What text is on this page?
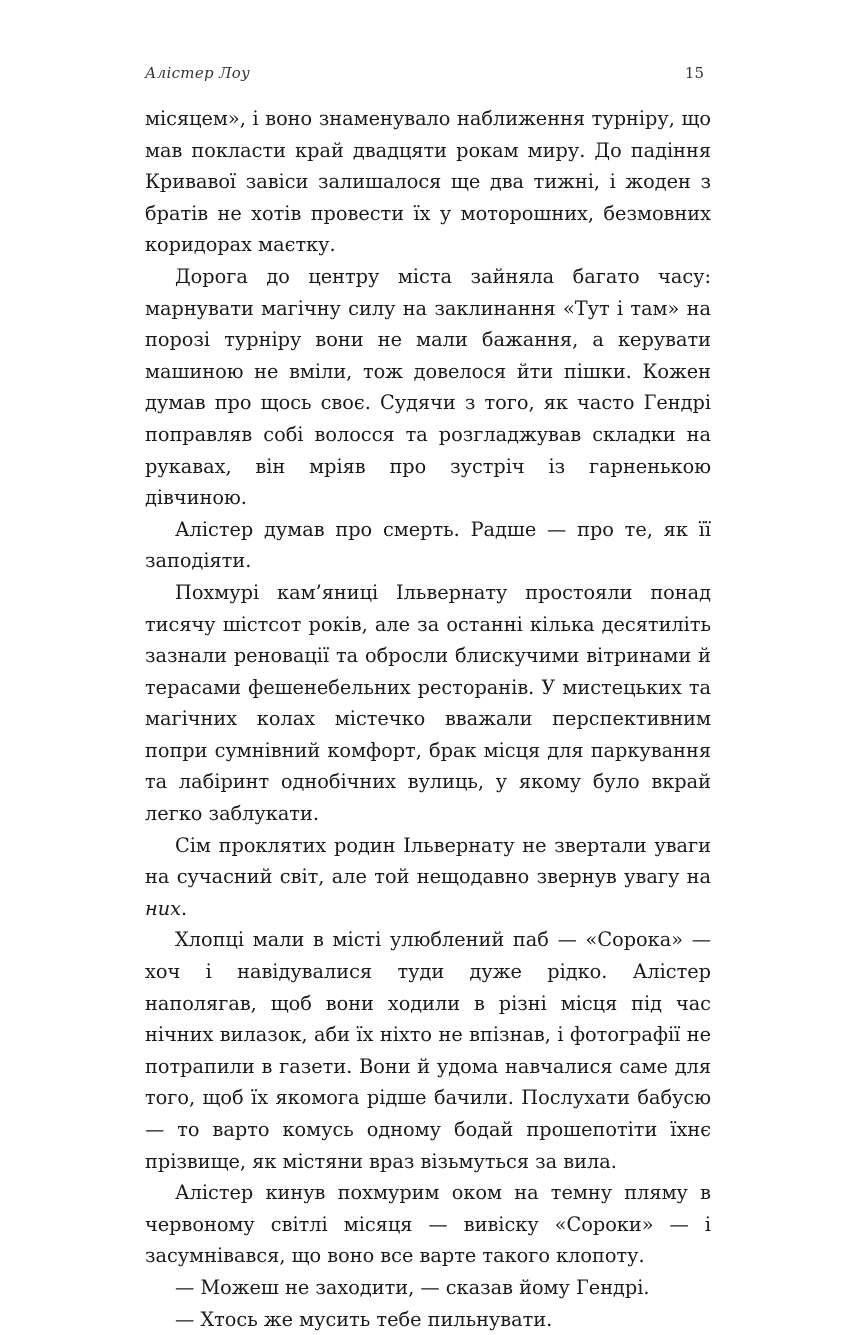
Алістер Лоу	15

місяцем», і воно знаменувало наближення турніру, що мав покласти край двадцяти рокам миру. До падіння Кривавої завіси залишалося ще два тижні, і жоден з братів не хотів провести їх у моторошних, безмовних коридорах маєтку.

Дорога до центру міста зайняла багато часу: марнувати магічну силу на заклинання «Тут і там» на порозі турніру вони не мали бажання, а керувати машиною не вміли, тож довелося йти пішки. Кожен думав про щось своє. Судячи з того, як часто Гендрі поправляв собі волосся та розгладжував складки на рукавах, він мріяв про зустріч із гарненькою дівчиною.

Алістер думав про смерть. Радше — про те, як її заподіяти.

Похмурі кам’яниці Ільвернату простояли понад тисячу шістсот років, але за останні кілька десятиліть зазнали реновації та обросли блискучими вітринами й терасами фешенебельних ресторанів. У мистецьких та магічних колах містечко вважали перспективним попри сумнівний комфорт, брак місця для паркування та лабіринт однобічних вулиць, у якому було вкрай легко заблукати.

Сім проклятих родин Ільвернату не звертали уваги на сучасний світ, але той нещодавно звернув увагу на них.

Хлопці мали в місті улюблений паб — «Сорока» — хоч і навідувалися туди дуже рідко. Алістер наполягав, щоб вони ходили в різні місця під час нічних вилазок, аби їх ніхто не впізнав, і фотографії не потрапили в газети. Вони й удома навчалися саме для того, щоб їх якомога рідше бачили. Послухати бабусю — то варто комусь одному бодай прошепотіти їхнє прізвище, як містяни враз візьмуться за вила.

Алістер кинув похмурим оком на темну пляму в червоному світлі місяця — вивіску «Сороки» — і засумнівався, що воно все варте такого клопоту.

— Можеш не заходити, — сказав йому Гендрі.

— Хтось же мусить тебе пильнувати.
